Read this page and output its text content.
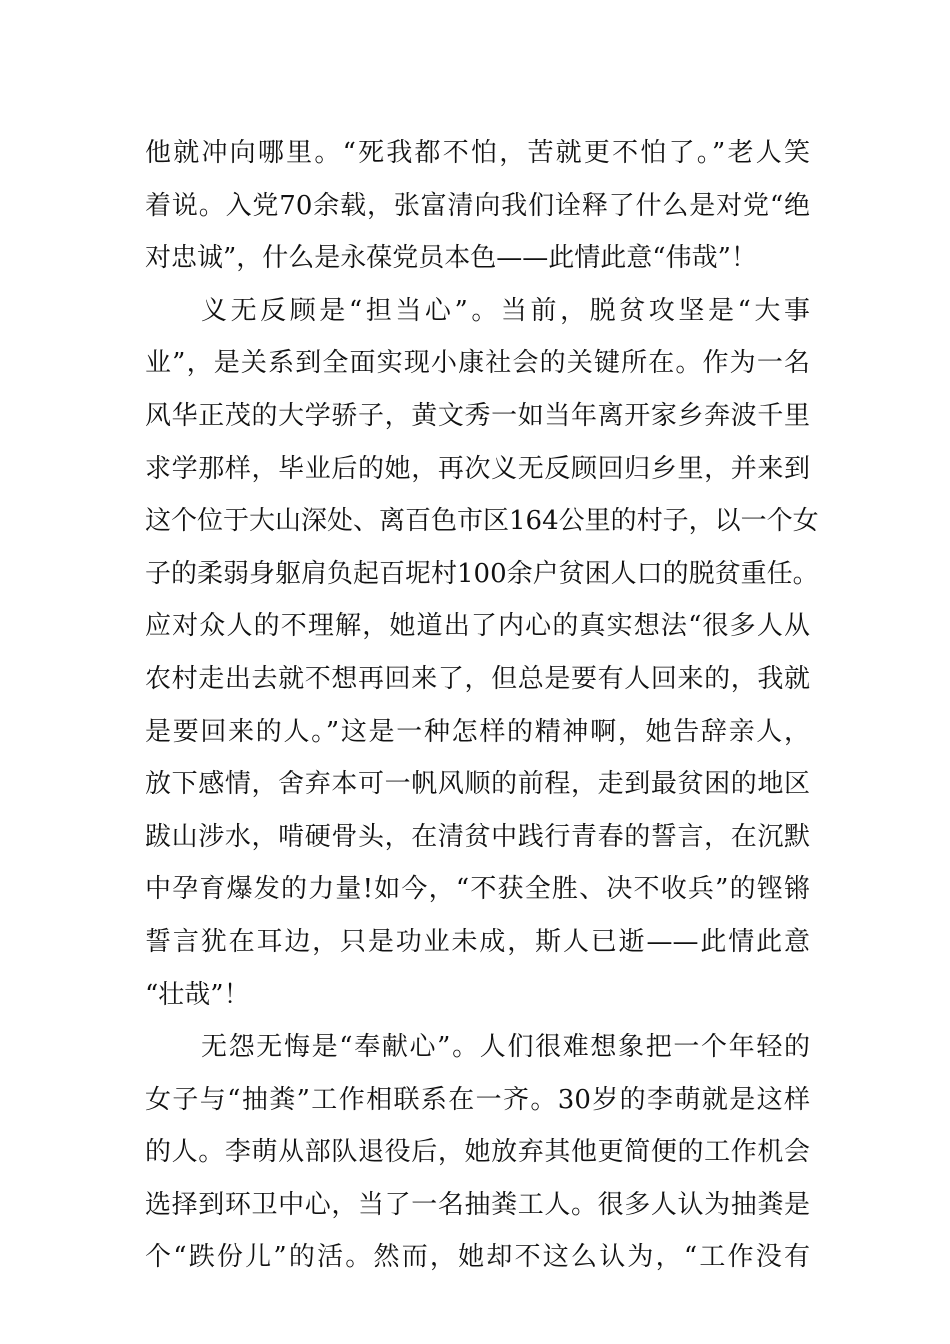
他就冲向哪里。“死我都不怕，苦就更不怕了。”老人笑
着说。入党70余载，张富清向我们诠释了什么是对党“绝
对忠诚”，什么是永葆党员本色——此情此意“伟哉”！
义无反顾是“担当心”。当前，脱贫攻坚是“大事
业”，是关系到全面实现小康社会的关键所在。作为一名
风华正茂的大学骄子，黄文秀一如当年离开家乡奔波千里
求学那样，毕业后的她，再次义无反顾回归乡里，并来到
这个位于大山深处、离百色市区164公里的村子，以一个女
子的柔弱身躯肩负起百坭村100余户贫困人口的脱贫重任。
应对众人的不理解，她道出了内心的真实想法“很多人从
农村走出去就不想再回来了，但总是要有人回来的，我就
是要回来的人。”这是一种怎样的精神啊，她告辞亲人，
放下感情，舍弃本可一帆风顺的前程，走到最贫困的地区
跋山涉水，啃硬骨头，在清贫中践行青春的誓言，在沉默
中孕育爆发的力量!如今，“不获全胜、决不收兵”的铿锵
誓言犹在耳边，只是功业未成，斯人已逝——此情此意
“壮哉”！
无怨无悔是“奉献心”。人们很难想象把一个年轻的
女子与“抽粪”工作相联系在一齐。30岁的李萌就是这样
的人。李萌从部队退役后，她放弃其他更简便的工作机会
选择到环卫中心，当了一名抽粪工人。很多人认为抽粪是
个“跌份儿”的活。然而，她却不这么认为，“工作没有
